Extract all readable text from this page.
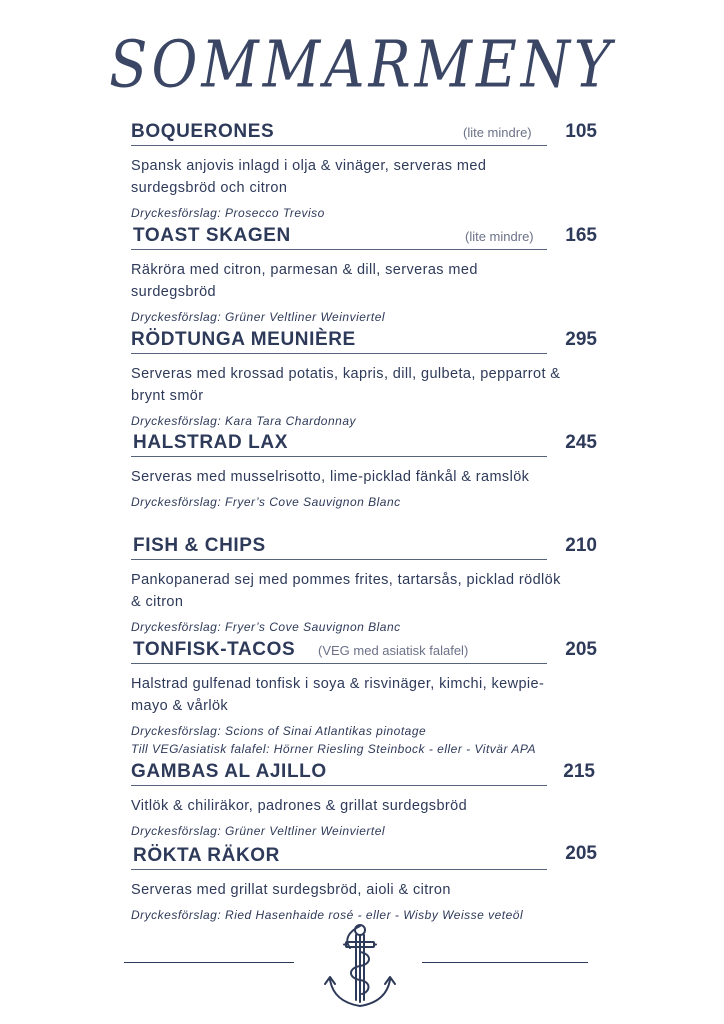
SOMMARMENY
BOQUERONES	(lite mindre) 105
Spansk anjovis inlagd i olja & vinäger, serveras med surdegsbröd och citron
Dryckesförslag: Prosecco Treviso
TOAST SKAGEN	(lite mindre) 165
Räkröra med citron, parmesan & dill, serveras med surdegsbröd
Dryckesförslag: Grüner Veltliner Weinviertel
RÖDTUNGA MEUNIÈRE	295
Serveras med krossad potatis, kapris, dill, gulbeta, pepparrot & brynt smör
Dryckesförslag: Kara Tara Chardonnay
HALSTRAD LAX	245
Serveras med musselrisotto, lime-picklad fänkål & ramslök
Dryckesförslag: Fryer’s Cove Sauvignon Blanc
FISH & CHIPS	210
Pankopanerad sej med pommes frites, tartarsås, picklad rödlök & citron
Dryckesförslag: Fryer’s Cove Sauvignon Blanc
TONFISK-TACOS (VEG med asiatisk falafel)	205
Halstrad gulfenad tonfisk i soya & risvinäger, kimchi, kewpie-mayo & vårlök
Dryckesförslag: Scions of Sinai Atlantikas pinotage
Till VEG/asiatisk falafel: Hörner Riesling Steinbock - eller - Vitvär APA
GAMBAS AL AJILLO	215
Vitlök & chiliräkor, padrones & grillat surdegsbröd
Dryckesförslag: Grüner Veltliner Weinviertel
RÖKTA RÄKOR	205
Serveras med grillat surdegsbröd, aioli & citron
Dryckesförslag: Ried Hasenhaide rosé - eller - Wisby Weisse veteöl
